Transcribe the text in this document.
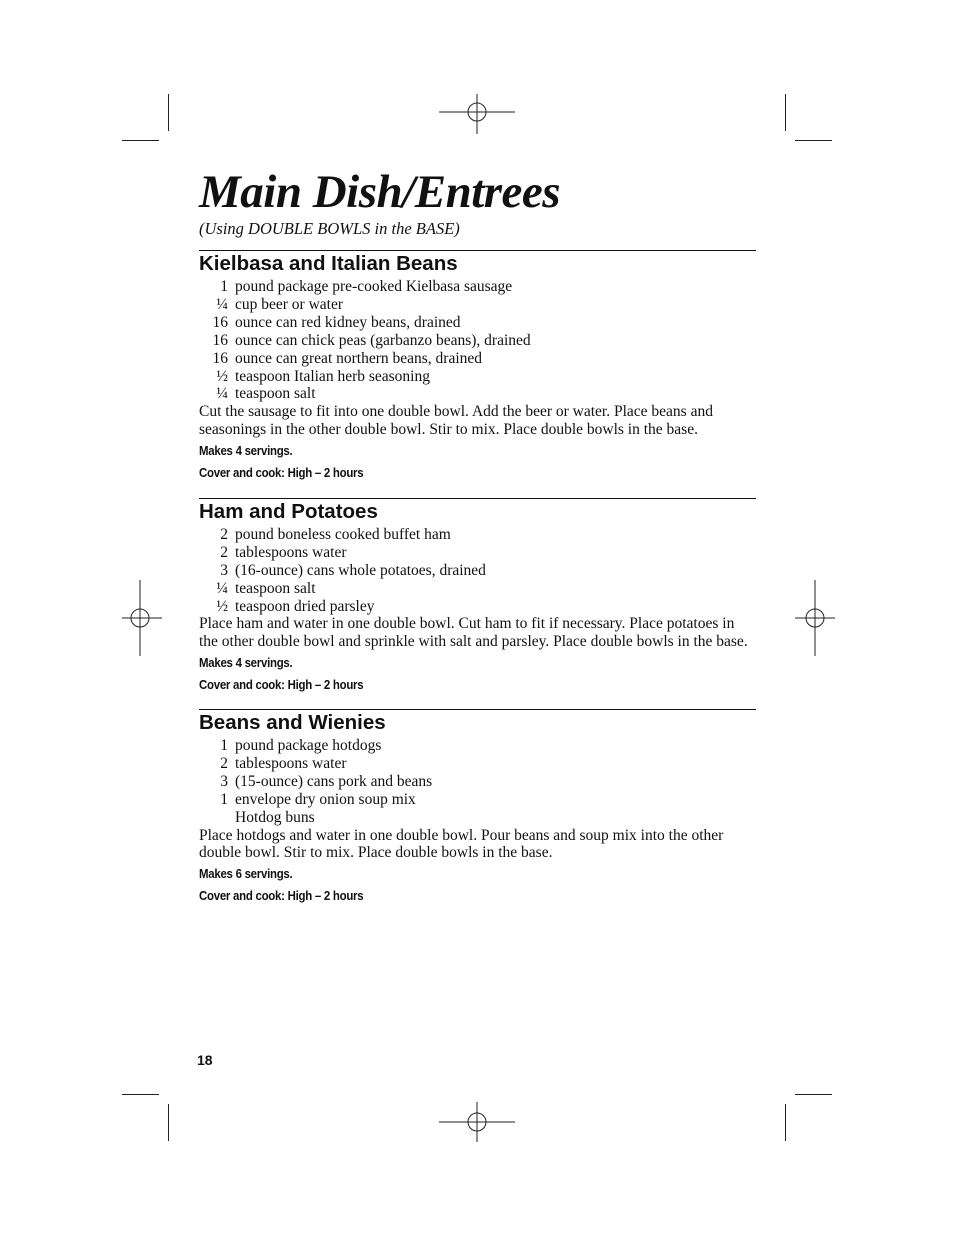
Main Dish/Entrees
(Using DOUBLE BOWLS in the BASE)
Kielbasa and Italian Beans
1 pound package pre-cooked Kielbasa sausage
¼ cup beer or water
16 ounce can red kidney beans, drained
16 ounce can chick peas (garbanzo beans), drained
16 ounce can great northern beans, drained
½ teaspoon Italian herb seasoning
¼ teaspoon salt

Cut the sausage to fit into one double bowl. Add the beer or water. Place beans and seasonings in the other double bowl. Stir to mix. Place double bowls in the base.

Makes 4 servings.
Cover and cook: High – 2 hours
Ham and Potatoes
2 pound boneless cooked buffet ham
2 tablespoons water
3 (16-ounce) cans whole potatoes, drained
¼ teaspoon salt
½ teaspoon dried parsley

Place ham and water in one double bowl. Cut ham to fit if necessary. Place potatoes in the other double bowl and sprinkle with salt and parsley. Place double bowls in the base.

Makes 4 servings.
Cover and cook: High – 2 hours
Beans and Wienies
1 pound package hotdogs
2 tablespoons water
3 (15-ounce) cans pork and beans
1 envelope dry onion soup mix
Hotdog buns

Place hotdogs and water in one double bowl. Pour beans and soup mix into the other double bowl. Stir to mix. Place double bowls in the base.

Makes 6 servings.
Cover and cook: High – 2 hours
18
